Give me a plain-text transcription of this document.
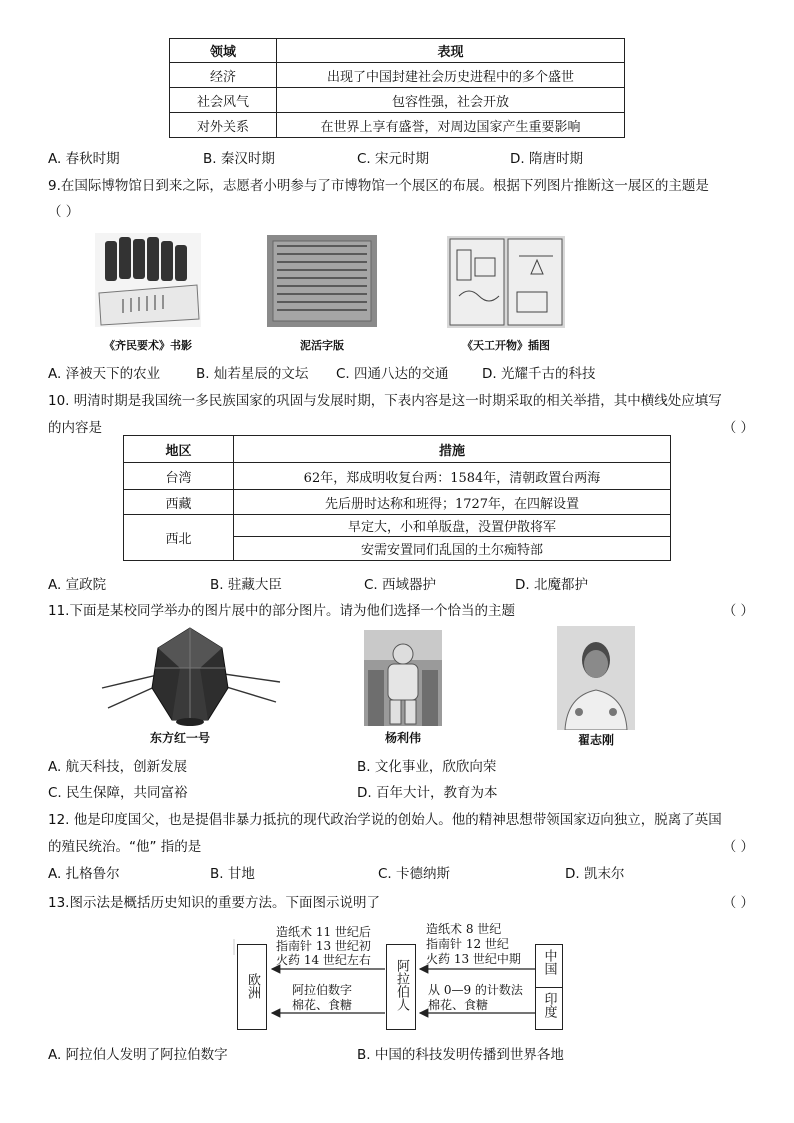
领域	表现
经济	出现了中国封建社会历史进程中的多个盛世
社会风气	包容性强，社会开放
对外关系	在世界上享有盛誉，对周边国家产生重要影响
A. 春秋时期	B. 秦汉时期	C. 宋元时期	D. 隋唐时期
9.在国际博物馆日到来之际，志愿者小明参与了市博物馆一个展区的布展。根据下列图片推断这一展区的主题是
（ ）
《齐民要术》书影	泥活字版	《天工开物》插图
A. 泽被天下的农业	B. 灿若星辰的文坛 C. 四通八达的交通 D. 光耀千古的科技
10. 明清时期是我国统一多民族国家的巩固与发展时期，下表内容是这一时期采取的相关举措，其中横线处应填写
的内容是	（ ）
地区	措施
台湾	62年，郑成明收复台两：1584年，清朝政置台两海
西藏	先后册时达称和班得；1727年，在四解设置
西北	早定大，小和单版盘，没置伊散将军
	安需安置同们乱国的土尔痴特部
A. 宣政院	B. 驻藏大臣	C. 西域器护	D. 北魔都护
11.下面是某校同学举办的图片展中的部分图片。请为他们选择一个恰当的主题	（ ）
东方红一号	杨利伟	翟志刚
A. 航天科技，创新发展	B. 文化事业，欣欣向荣
C. 民生保障，共同富裕	D. 百年大计，教育为本
12. 他是印度国父，也是提倡非暴力抵抗的现代政治学说的创始人。他的精神思想带领国家迈向独立，脱离了英国
的殖民统治。“他” 指的是	（ ）
A. 扎格鲁尔	B. 甘地	C. 卡德纳斯	D. 凯末尔
13.图示法是概括历史知识的重要方法。下面图示说明了	（ ）
欧洲	阿拉伯人	中国
印度
造纸术 11 世纪后
指南针 13 世纪初
火药 14 世纪左右
造纸术 8 世纪
指南针 12 世纪
火药 13 世纪中期
阿拉伯数字
棉花、食糖
从 0—9 的计数法
棉花、食糖
A. 阿拉伯人发明了阿拉伯数字	B. 中国的科技发明传播到世界各地
